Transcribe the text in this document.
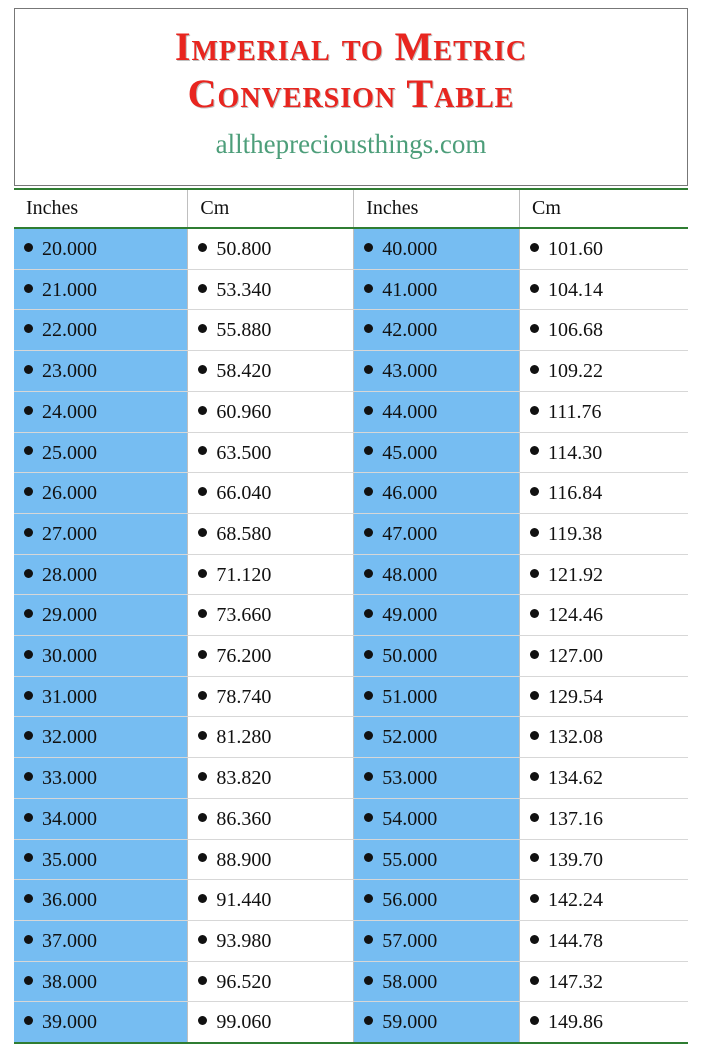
Imperial to Metric
Conversion Table
allthepreciousthings.com
Inches	Cm	Inches	Cm
20.000	50.800	40.000	101.60
21.000	53.340	41.000	104.14
22.000	55.880	42.000	106.68
23.000	58.420	43.000	109.22
24.000	60.960	44.000	111.76
25.000	63.500	45.000	114.30
26.000	66.040	46.000	116.84
27.000	68.580	47.000	119.38
28.000	71.120	48.000	121.92
29.000	73.660	49.000	124.46
30.000	76.200	50.000	127.00
31.000	78.740	51.000	129.54
32.000	81.280	52.000	132.08
33.000	83.820	53.000	134.62
34.000	86.360	54.000	137.16
35.000	88.900	55.000	139.70
36.000	91.440	56.000	142.24
37.000	93.980	57.000	144.78
38.000	96.520	58.000	147.32
39.000	99.060	59.000	149.86
